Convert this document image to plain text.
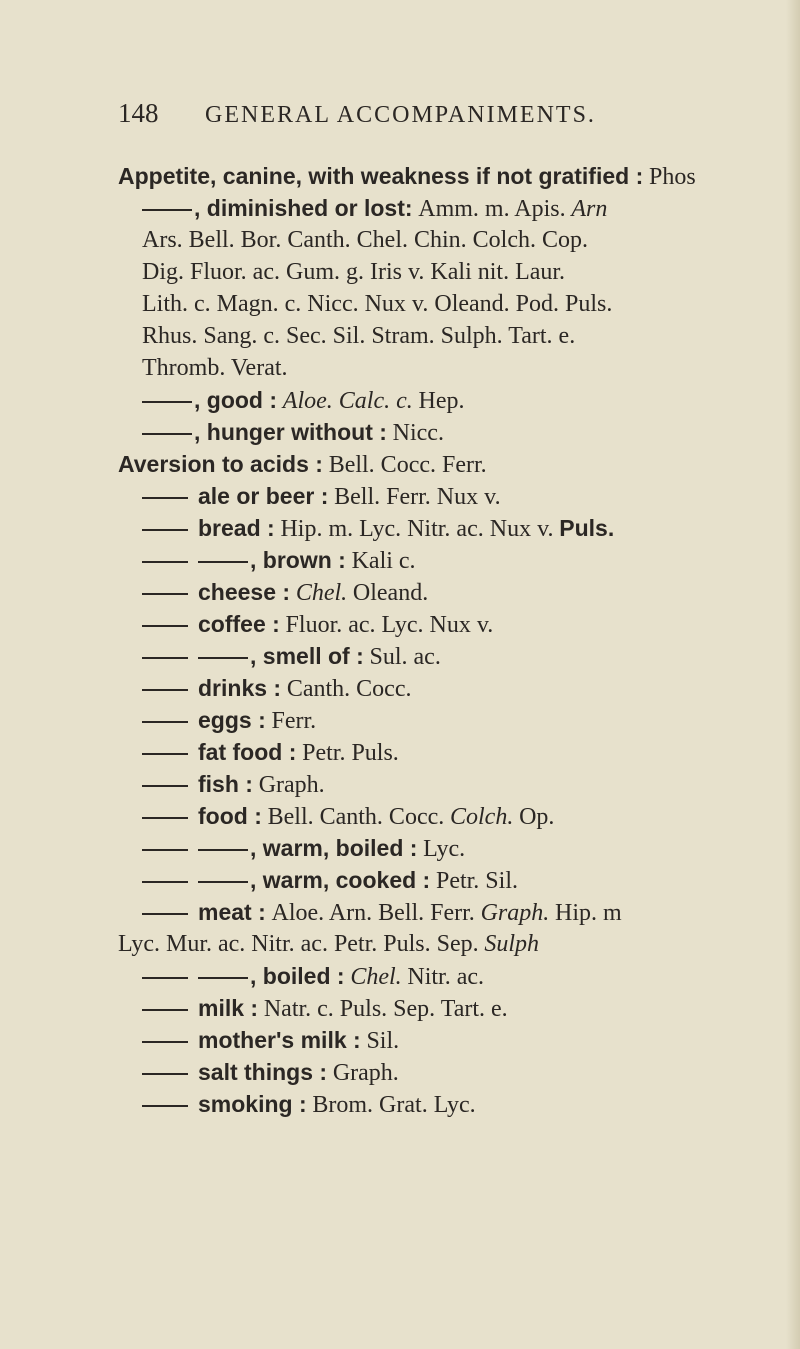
148 GENERAL ACCOMPANIMENTS.
Appetite, canine, with weakness if not gratified : Phos
, diminished or lost: Amm. m. Apis. Arn
Ars. Bell. Bor. Canth. Chel. Chin. Colch. Cop.
Dig. Fluor. ac. Gum. g. Iris v. Kali nit. Laur.
Lith. c. Magn. c. Nicc. Nux v. Oleand. Pod. Puls.
Rhus. Sang. c. Sec. Sil. Stram. Sulph. Tart. e.
Thromb. Verat.
, good : Aloe. Calc. c. Hep.
, hunger without : Nicc.
Aversion to acids : Bell. Cocc. Ferr.
ale or beer : Bell. Ferr. Nux v.
bread : Hip. m. Lyc. Nitr. ac. Nux v. Puls.
, brown : Kali c.
cheese : Chel. Oleand.
coffee : Fluor. ac. Lyc. Nux v.
, smell of : Sul. ac.
drinks : Canth. Cocc.
eggs : Ferr.
fat food : Petr. Puls.
fish : Graph.
food : Bell. Canth. Cocc. Colch. Op.
, warm, boiled : Lyc.
, warm, cooked : Petr. Sil.
meat : Aloe. Arn. Bell. Ferr. Graph. Hip. m
Lyc. Mur. ac. Nitr. ac. Petr. Puls. Sep. Sulph
, boiled : Chel. Nitr. ac.
milk : Natr. c. Puls. Sep. Tart. e.
mother's milk : Sil.
salt things : Graph.
smoking : Brom. Grat. Lyc.
